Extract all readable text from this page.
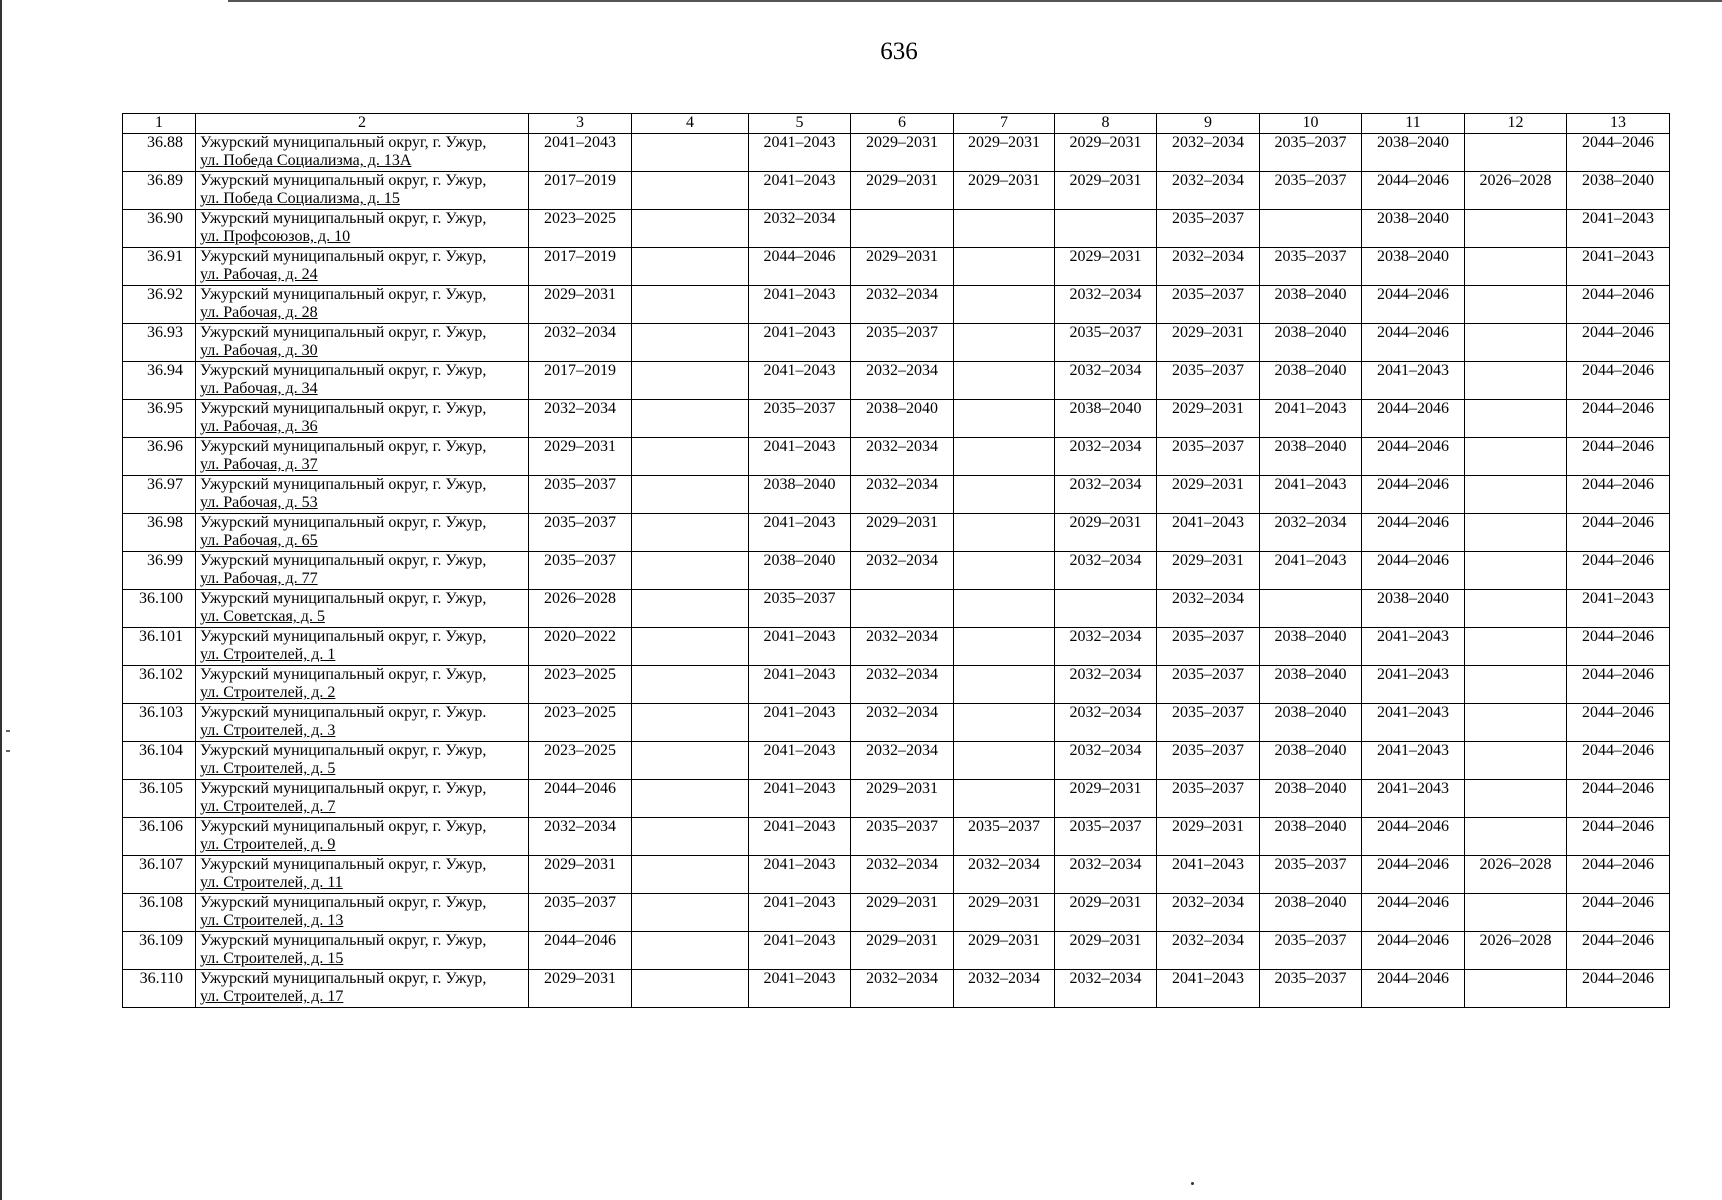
636
1	2	3	4	5	6	7	8	9	10	11	12	13
36.88	Ужурский муниципальный округ, г. Ужур,
ул. Победа Социализма, д. 13А	2041–2043		2041–2043	2029–2031	2029–2031	2029–2031	2032–2034	2035–2037	2038–2040		2044–2046
36.89	Ужурский муниципальный округ, г. Ужур,
ул. Победа Социализма, д. 15	2017–2019		2041–2043	2029–2031	2029–2031	2029–2031	2032–2034	2035–2037	2044–2046	2026–2028	2038–2040
36.90	Ужурский муниципальный округ, г. Ужур,
ул. Профсоюзов, д. 10	2023–2025		2032–2034				2035–2037		2038–2040		2041–2043
36.91	Ужурский муниципальный округ, г. Ужур,
ул. Рабочая, д. 24	2017–2019		2044–2046	2029–2031		2029–2031	2032–2034	2035–2037	2038–2040		2041–2043
36.92	Ужурский муниципальный округ, г. Ужур,
ул. Рабочая, д. 28	2029–2031		2041–2043	2032–2034		2032–2034	2035–2037	2038–2040	2044–2046		2044–2046
36.93	Ужурский муниципальный округ, г. Ужур,
ул. Рабочая, д. 30	2032–2034		2041–2043	2035–2037		2035–2037	2029–2031	2038–2040	2044–2046		2044–2046
36.94	Ужурский муниципальный округ, г. Ужур,
ул. Рабочая, д. 34	2017–2019		2041–2043	2032–2034		2032–2034	2035–2037	2038–2040	2041–2043		2044–2046
36.95	Ужурский муниципальный округ, г. Ужур,
ул. Рабочая, д. 36	2032–2034		2035–2037	2038–2040		2038–2040	2029–2031	2041–2043	2044–2046		2044–2046
36.96	Ужурский муниципальный округ, г. Ужур,
ул. Рабочая, д. 37	2029–2031		2041–2043	2032–2034		2032–2034	2035–2037	2038–2040	2044–2046		2044–2046
36.97	Ужурский муниципальный округ, г. Ужур,
ул. Рабочая, д. 53	2035–2037		2038–2040	2032–2034		2032–2034	2029–2031	2041–2043	2044–2046		2044–2046
36.98	Ужурский муниципальный округ, г. Ужур,
ул. Рабочая, д. 65	2035–2037		2041–2043	2029–2031		2029–2031	2041–2043	2032–2034	2044–2046		2044–2046
36.99	Ужурский муниципальный округ, г. Ужур,
ул. Рабочая, д. 77	2035–2037		2038–2040	2032–2034		2032–2034	2029–2031	2041–2043	2044–2046		2044–2046
36.100	Ужурский муниципальный округ, г. Ужур,
ул. Советская, д. 5	2026–2028		2035–2037				2032–2034		2038–2040		2041–2043
36.101	Ужурский муниципальный округ, г. Ужур,
ул. Строителей, д. 1	2020–2022		2041–2043	2032–2034		2032–2034	2035–2037	2038–2040	2041–2043		2044–2046
36.102	Ужурский муниципальный округ, г. Ужур,
ул. Строителей, д. 2	2023–2025		2041–2043	2032–2034		2032–2034	2035–2037	2038–2040	2041–2043		2044–2046
36.103	Ужурский муниципальный округ, г. Ужур.
ул. Строителей, д. 3	2023–2025		2041–2043	2032–2034		2032–2034	2035–2037	2038–2040	2041–2043		2044–2046
36.104	Ужурский муниципальный округ, г. Ужур,
ул. Строителей, д. 5	2023–2025		2041–2043	2032–2034		2032–2034	2035–2037	2038–2040	2041–2043		2044–2046
36.105	Ужурский муниципальный округ, г. Ужур,
ул. Строителей, д. 7	2044–2046		2041–2043	2029–2031		2029–2031	2035–2037	2038–2040	2041–2043		2044–2046
36.106	Ужурский муниципальный округ, г. Ужур,
ул. Строителей, д. 9	2032–2034		2041–2043	2035–2037	2035–2037	2035–2037	2029–2031	2038–2040	2044–2046		2044–2046
36.107	Ужурский муниципальный округ, г. Ужур,
ул. Строителей, д. 11	2029–2031		2041–2043	2032–2034	2032–2034	2032–2034	2041–2043	2035–2037	2044–2046	2026–2028	2044–2046
36.108	Ужурский муниципальный округ, г. Ужур,
ул. Строителей, д. 13	2035–2037		2041–2043	2029–2031	2029–2031	2029–2031	2032–2034	2038–2040	2044–2046		2044–2046
36.109	Ужурский муниципальный округ, г. Ужур,
ул. Строителей, д. 15	2044–2046		2041–2043	2029–2031	2029–2031	2029–2031	2032–2034	2035–2037	2044–2046	2026–2028	2044–2046
36.110	Ужурский муниципальный округ, г. Ужур,
ул. Строителей, д. 17	2029–2031		2041–2043	2032–2034	2032–2034	2032–2034	2041–2043	2035–2037	2044–2046		2044–2046
